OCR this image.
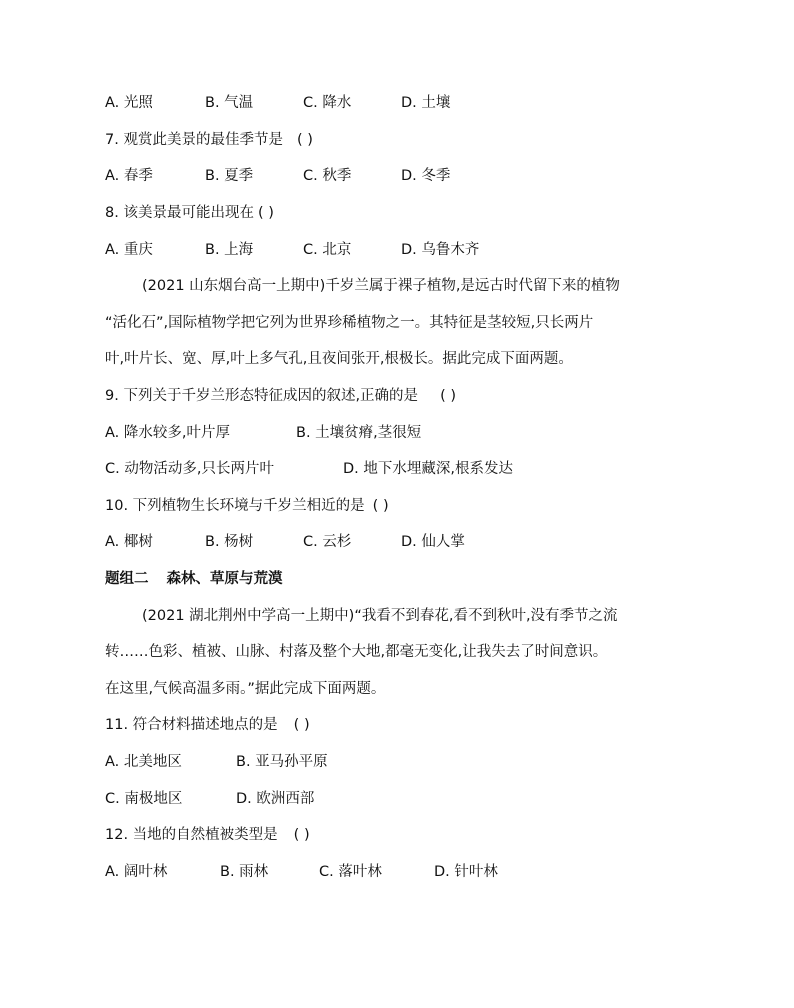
A. 光照	B. 气温	C. 降水	D. 土壤
7. 观赏此美景的最佳季节是 ( )
A. 春季	B. 夏季	C. 秋季	D. 冬季
8. 该美景最可能出现在 ( )
A. 重庆	B. 上海	C. 北京	D. 乌鲁木齐
(2021 山东烟台高一上期中)千岁兰属于裸子植物,是远古时代留下来的植物
“活化石”,国际植物学把它列为世界珍稀植物之一。其特征是茎较短,只长两片
叶,叶片长、宽、厚,叶上多气孔,且夜间张开,根极长。据此完成下面两题。
9. 下列关于千岁兰形态特征成因的叙述,正确的是 ( )
A. 降水较多,叶片厚	B. 土壤贫瘠,茎很短
C. 动物活动多,只长两片叶	D. 地下水埋藏深,根系发达
10. 下列植物生长环境与千岁兰相近的是 ( )
A. 椰树	B. 杨树	C. 云杉	D. 仙人掌
题组二 森林、草原与荒漠
(2021 湖北荆州中学高一上期中)“我看不到春花,看不到秋叶,没有季节之流
转……色彩、植被、山脉、村落及整个大地,都毫无变化,让我失去了时间意识。
在这里,气候高温多雨。”据此完成下面两题。
11. 符合材料描述地点的是 ( )
A. 北美地区	B. 亚马孙平原
C. 南极地区	D. 欧洲西部
12. 当地的自然植被类型是 ( )
A. 阔叶林	B. 雨林	C. 落叶林	D. 针叶林
